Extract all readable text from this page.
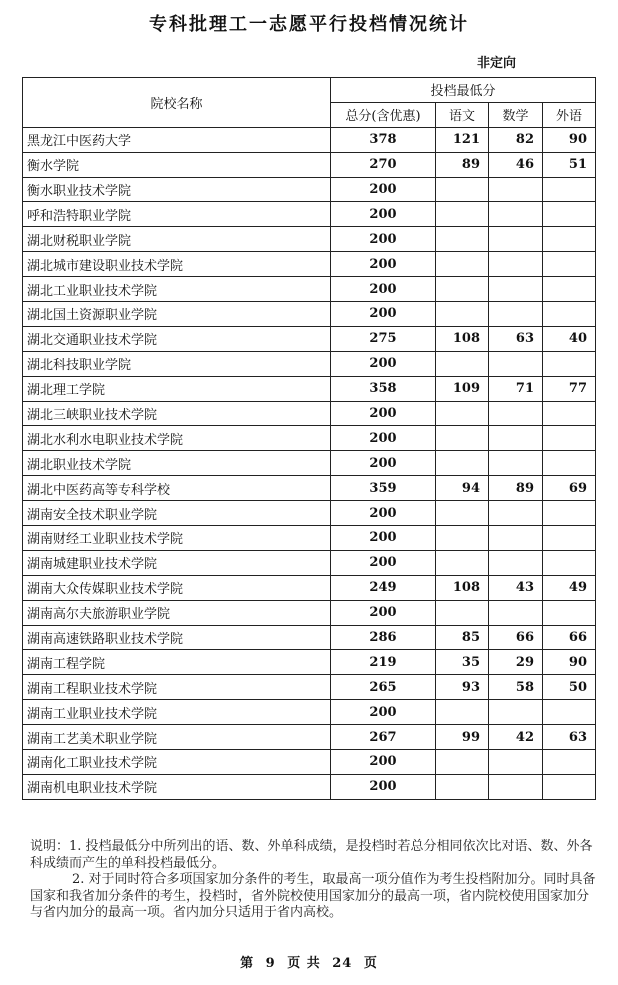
专科批理工一志愿平行投档情况统计
非定向
院校名称	投档最低分			
	总分(含优惠)	语文	数学	外语
黑龙江中医药大学	378	121	82	90
衡水学院	270	89	46	51
衡水职业技术学院	200			
呼和浩特职业学院	200			
湖北财税职业学院	200			
湖北城市建设职业技术学院	200			
湖北工业职业技术学院	200			
湖北国土资源职业学院	200			
湖北交通职业技术学院	275	108	63	40
湖北科技职业学院	200			
湖北理工学院	358	109	71	77
湖北三峡职业技术学院	200			
湖北水利水电职业技术学院	200			
湖北职业技术学院	200			
湖北中医药高等专科学校	359	94	89	69
湖南安全技术职业学院	200			
湖南财经工业职业技术学院	200			
湖南城建职业技术学院	200			
湖南大众传媒职业技术学院	249	108	43	49
湖南高尔夫旅游职业学院	200			
湖南高速铁路职业技术学院	286	85	66	66
湖南工程学院	219	35	29	90
湖南工程职业技术学院	265	93	58	50
湖南工业职业技术学院	200			
湖南工艺美术职业学院	267	99	42	63
湖南化工职业技术学院	200			
湖南机电职业技术学院	200			

说明：1. 投档最低分中所列出的语、数、外单科成绩，是投档时若总分相同依次比对语、数、外各科成绩而产生的单科投档最低分。

2. 对于同时符合多项国家加分条件的考生，取最高一项分值作为考生投档附加分。同时具备国家和我省加分条件的考生，投档时，省外院校使用国家加分的最高一项，省内院校使用国家加分与省内加分的最高一项。省内加分只适用于省内高校。

第 9 页 共 24 页
